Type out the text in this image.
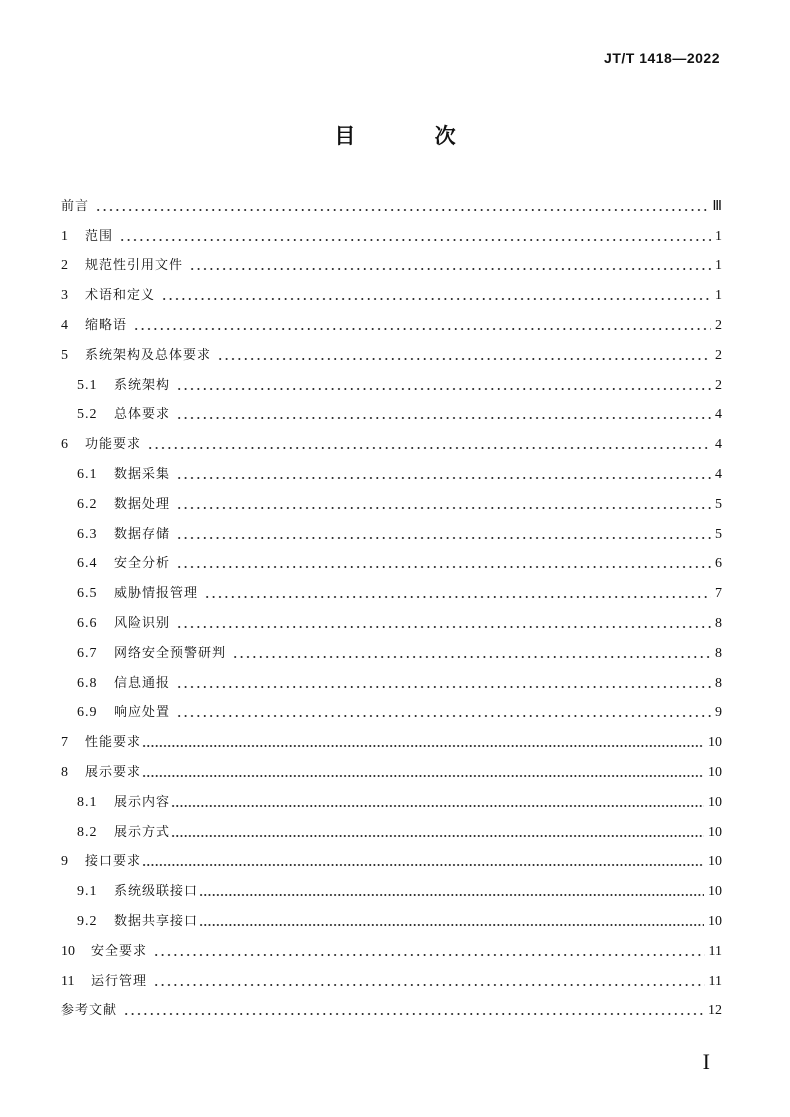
JT/T 1418—2022
目 次
前言	Ⅲ
1	范围	1
2	规范性引用文件	1
3	术语和定义	1
4	缩略语	2
5	系统架构及总体要求	2
5.1	系统架构	2
5.2	总体要求	4
6	功能要求	4
6.1	数据采集	4
6.2	数据处理	5
6.3	数据存储	5
6.4	安全分析	6
6.5	威胁情报管理	7
6.6	风险识别	8
6.7	网络安全预警研判	8
6.8	信息通报	8
6.9	响应处置	9
7	性能要求	10
8	展示要求	10
8.1	展示内容	10
8.2	展示方式	10
9	接口要求	10
9.1	系统级联接口	10
9.2	数据共享接口	10
10	安全要求	11
11	运行管理	11
参考文献	12
I
